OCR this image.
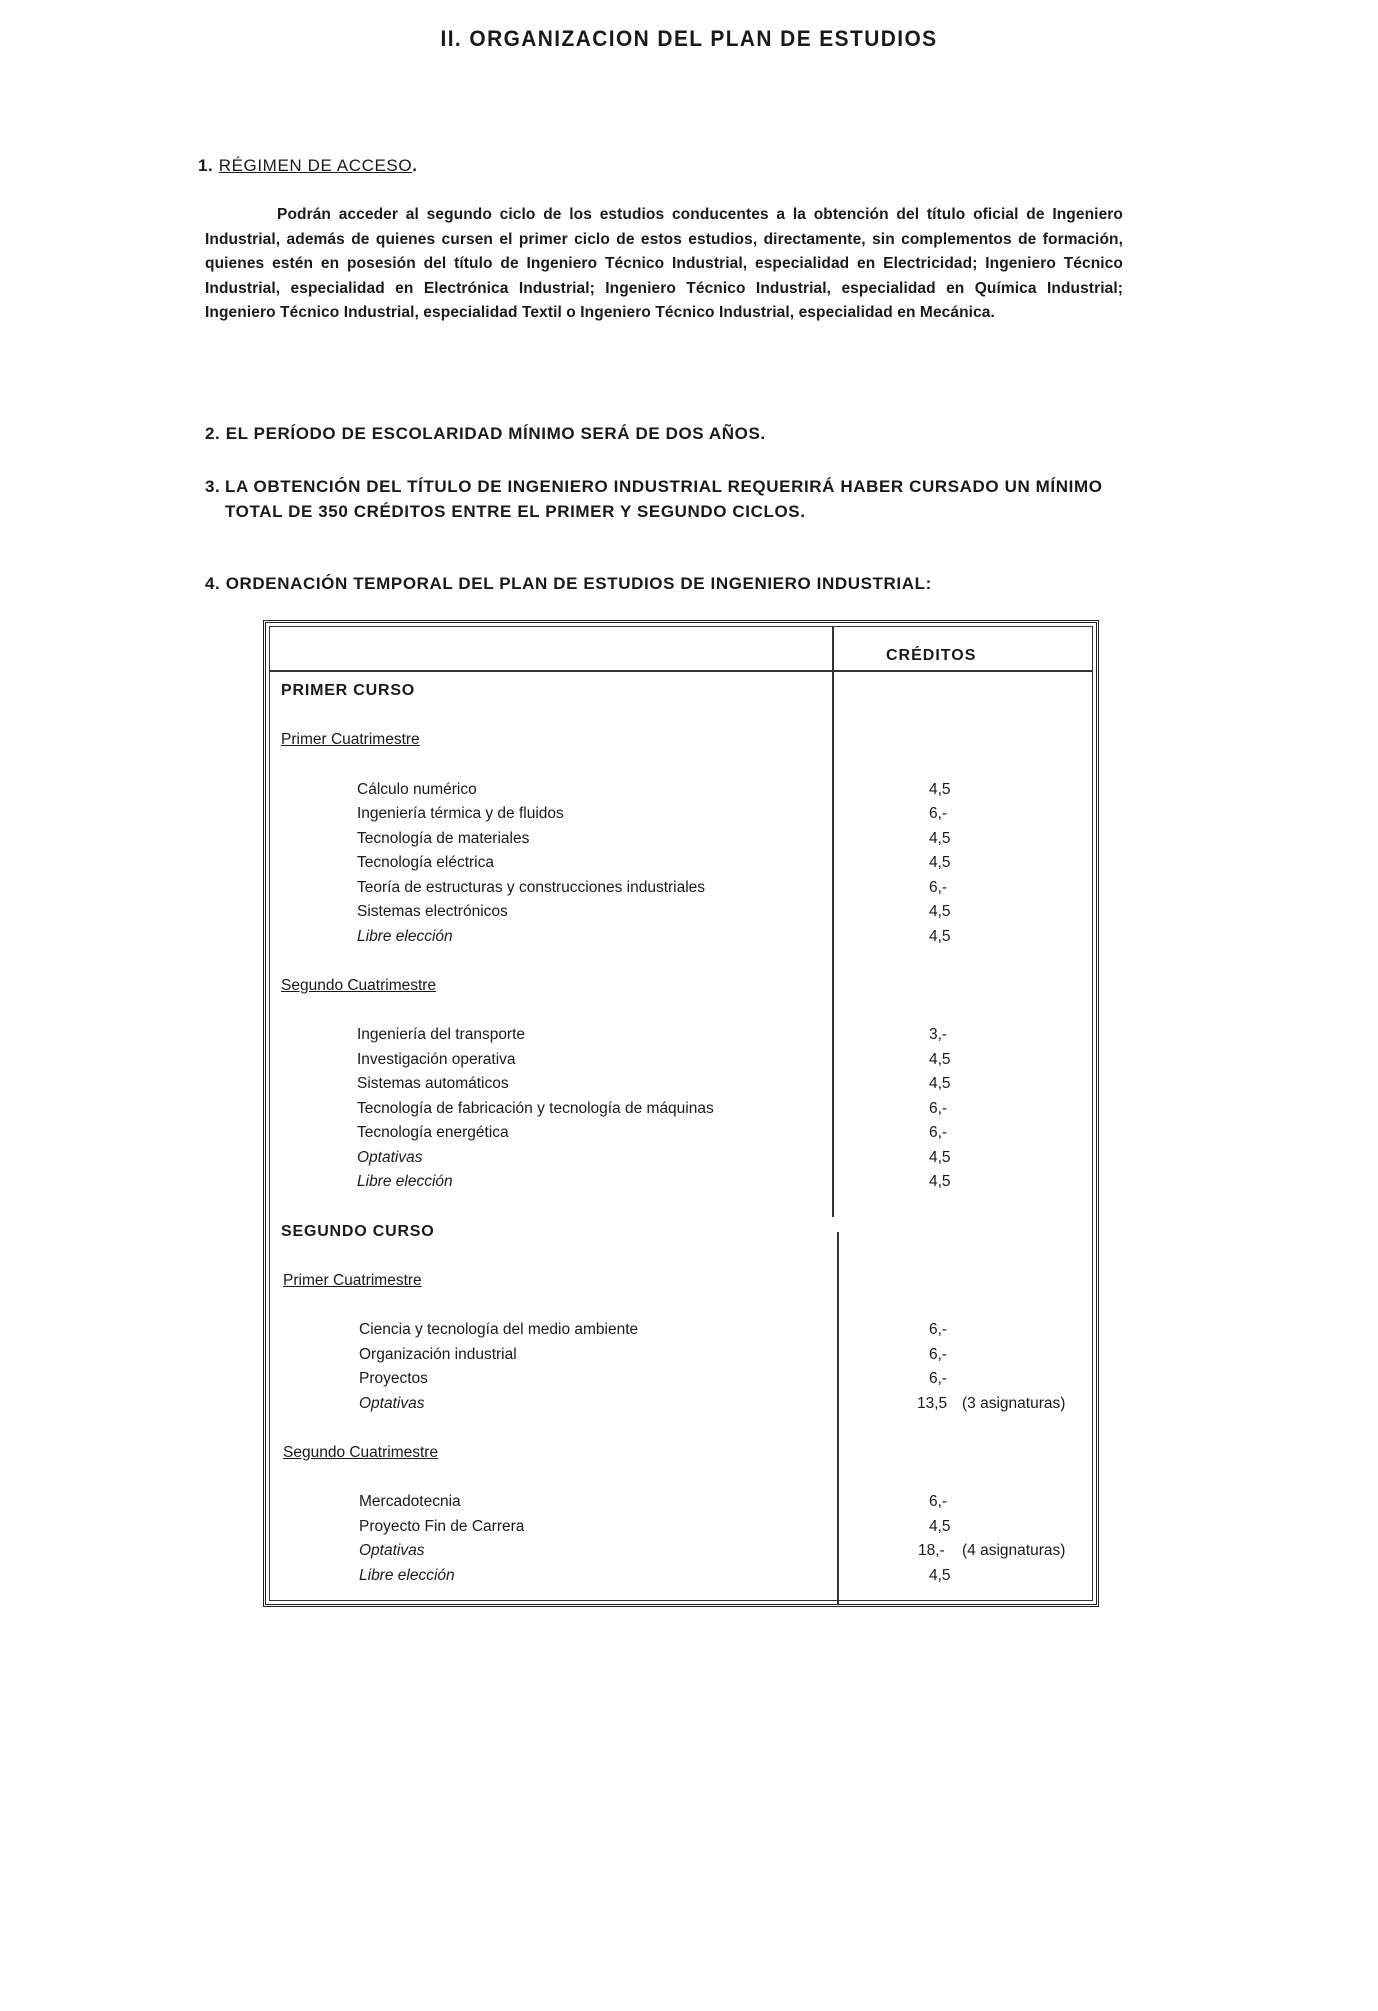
II. ORGANIZACION DEL PLAN DE ESTUDIOS
1. RÉGIMEN DE ACCESO.
Podrán acceder al segundo ciclo de los estudios conducentes a la obtención del título oficial de Ingeniero Industrial, además de quienes cursen el primer ciclo de estos estudios, directamente, sin complementos de formación, quienes estén en posesión del título de Ingeniero Técnico Industrial, especialidad en Electricidad; Ingeniero Técnico Industrial, especialidad en Electrónica Industrial; Ingeniero Técnico Industrial, especialidad en Química Industrial; Ingeniero Técnico Industrial, especialidad Textil o Ingeniero Técnico Industrial, especialidad en Mecánica.
2. EL PERÍODO DE ESCOLARIDAD MÍNIMO SERÁ DE DOS AÑOS.
3. LA OBTENCIÓN DEL TÍTULO DE INGENIERO INDUSTRIAL REQUERIRÁ HABER CURSADO UN MÍNIMO TOTAL DE 350 CRÉDITOS ENTRE EL PRIMER Y SEGUNDO CICLOS.
4. ORDENACIÓN TEMPORAL DEL PLAN DE ESTUDIOS DE INGENIERO INDUSTRIAL:
CRÉDITOS
PRIMER CURSO
Primer Cuatrimestre
Cálculo numérico	4,5
Ingeniería térmica y de fluidos	6,-
Tecnología de materiales	4,5
Tecnología eléctrica	4,5
Teoría de estructuras y construcciones industriales	6,-
Sistemas electrónicos	4,5
Libre elección	4,5
Segundo Cuatrimestre
Ingeniería del transporte	3,-
Investigación operativa	4,5
Sistemas automáticos	4,5
Tecnología de fabricación y tecnología de máquinas	6,-
Tecnología energética	6,-
Optativas	4,5
Libre elección	4,5
SEGUNDO CURSO
Primer Cuatrimestre
Ciencia y tecnología del medio ambiente	6,-
Organización industrial	6,-
Proyectos	6,-
Optativas	13,5 (3 asignaturas)
Segundo Cuatrimestre
Mercadotecnia	6,-
Proyecto Fin de Carrera	4,5
Optativas	18,- (4 asignaturas)
Libre elección	4,5
